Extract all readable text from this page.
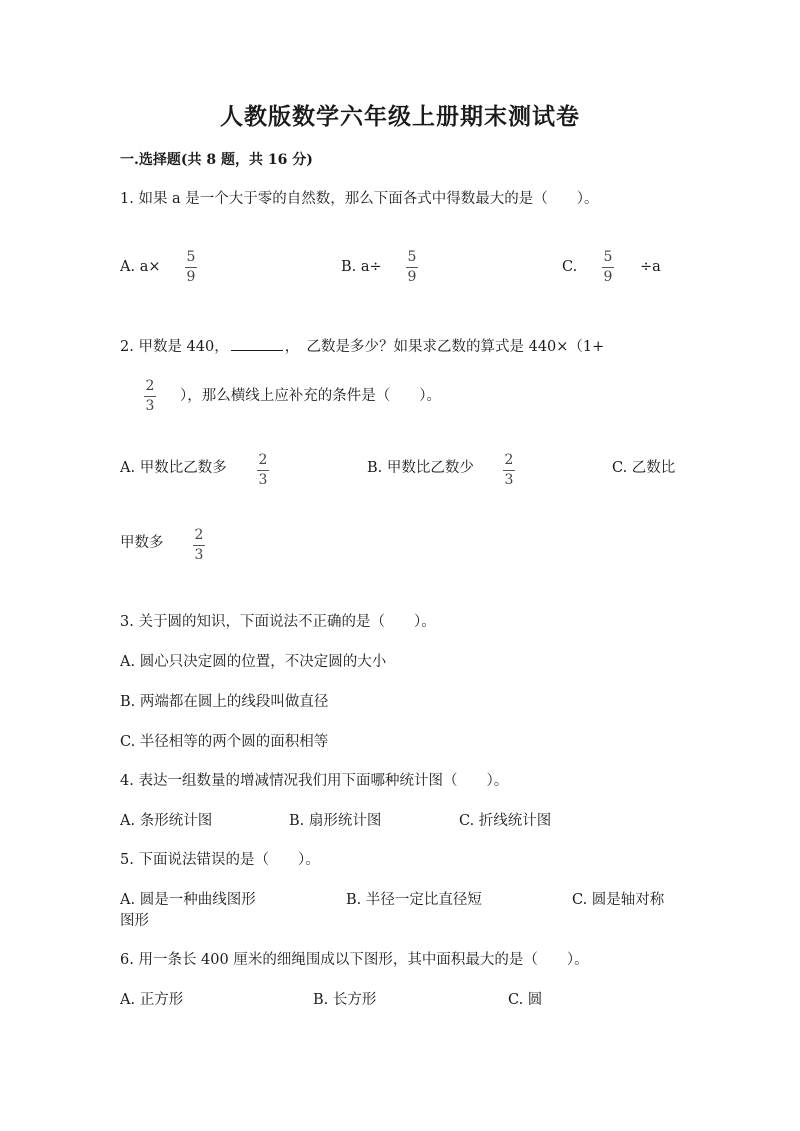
人教版数学六年级上册期末测试卷
一.选择题(共 8 题，共 16 分)
1. 如果 a 是一个大于零的自然数，那么下面各式中得数最大的是（　　）。
A. a×
5
9
B. a÷
5
9
C.
5
9
÷a
2. 甲数是 440，	，　乙数是多少？如果求乙数的算式是 440×（1+
2
3
），那么横线上应补充的条件是（　　）。
A. 甲数比乙数多 2
3
B. 甲数比乙数少 2
3
C. 乙数比
甲数多 2
3
3. 关于圆的知识，下面说法不正确的是（　　）。
A. 圆心只决定圆的位置，不决定圆的大小
B. 两端都在圆上的线段叫做直径
C. 半径相等的两个圆的面积相等
4. 表达一组数量的增减情况我们用下面哪种统计图（　　）。
A. 条形统计图	B. 扇形统计图	C. 折线统计图
5. 下面说法错误的是（　　）。
A. 圆是一种曲线图形	B. 半径一定比直径短	C. 圆是轴对称
图形
6. 用一条长 400 厘米的细绳围成以下图形，其中面积最大的是（　　）。
A. 正方形	B. 长方形	C. 圆
